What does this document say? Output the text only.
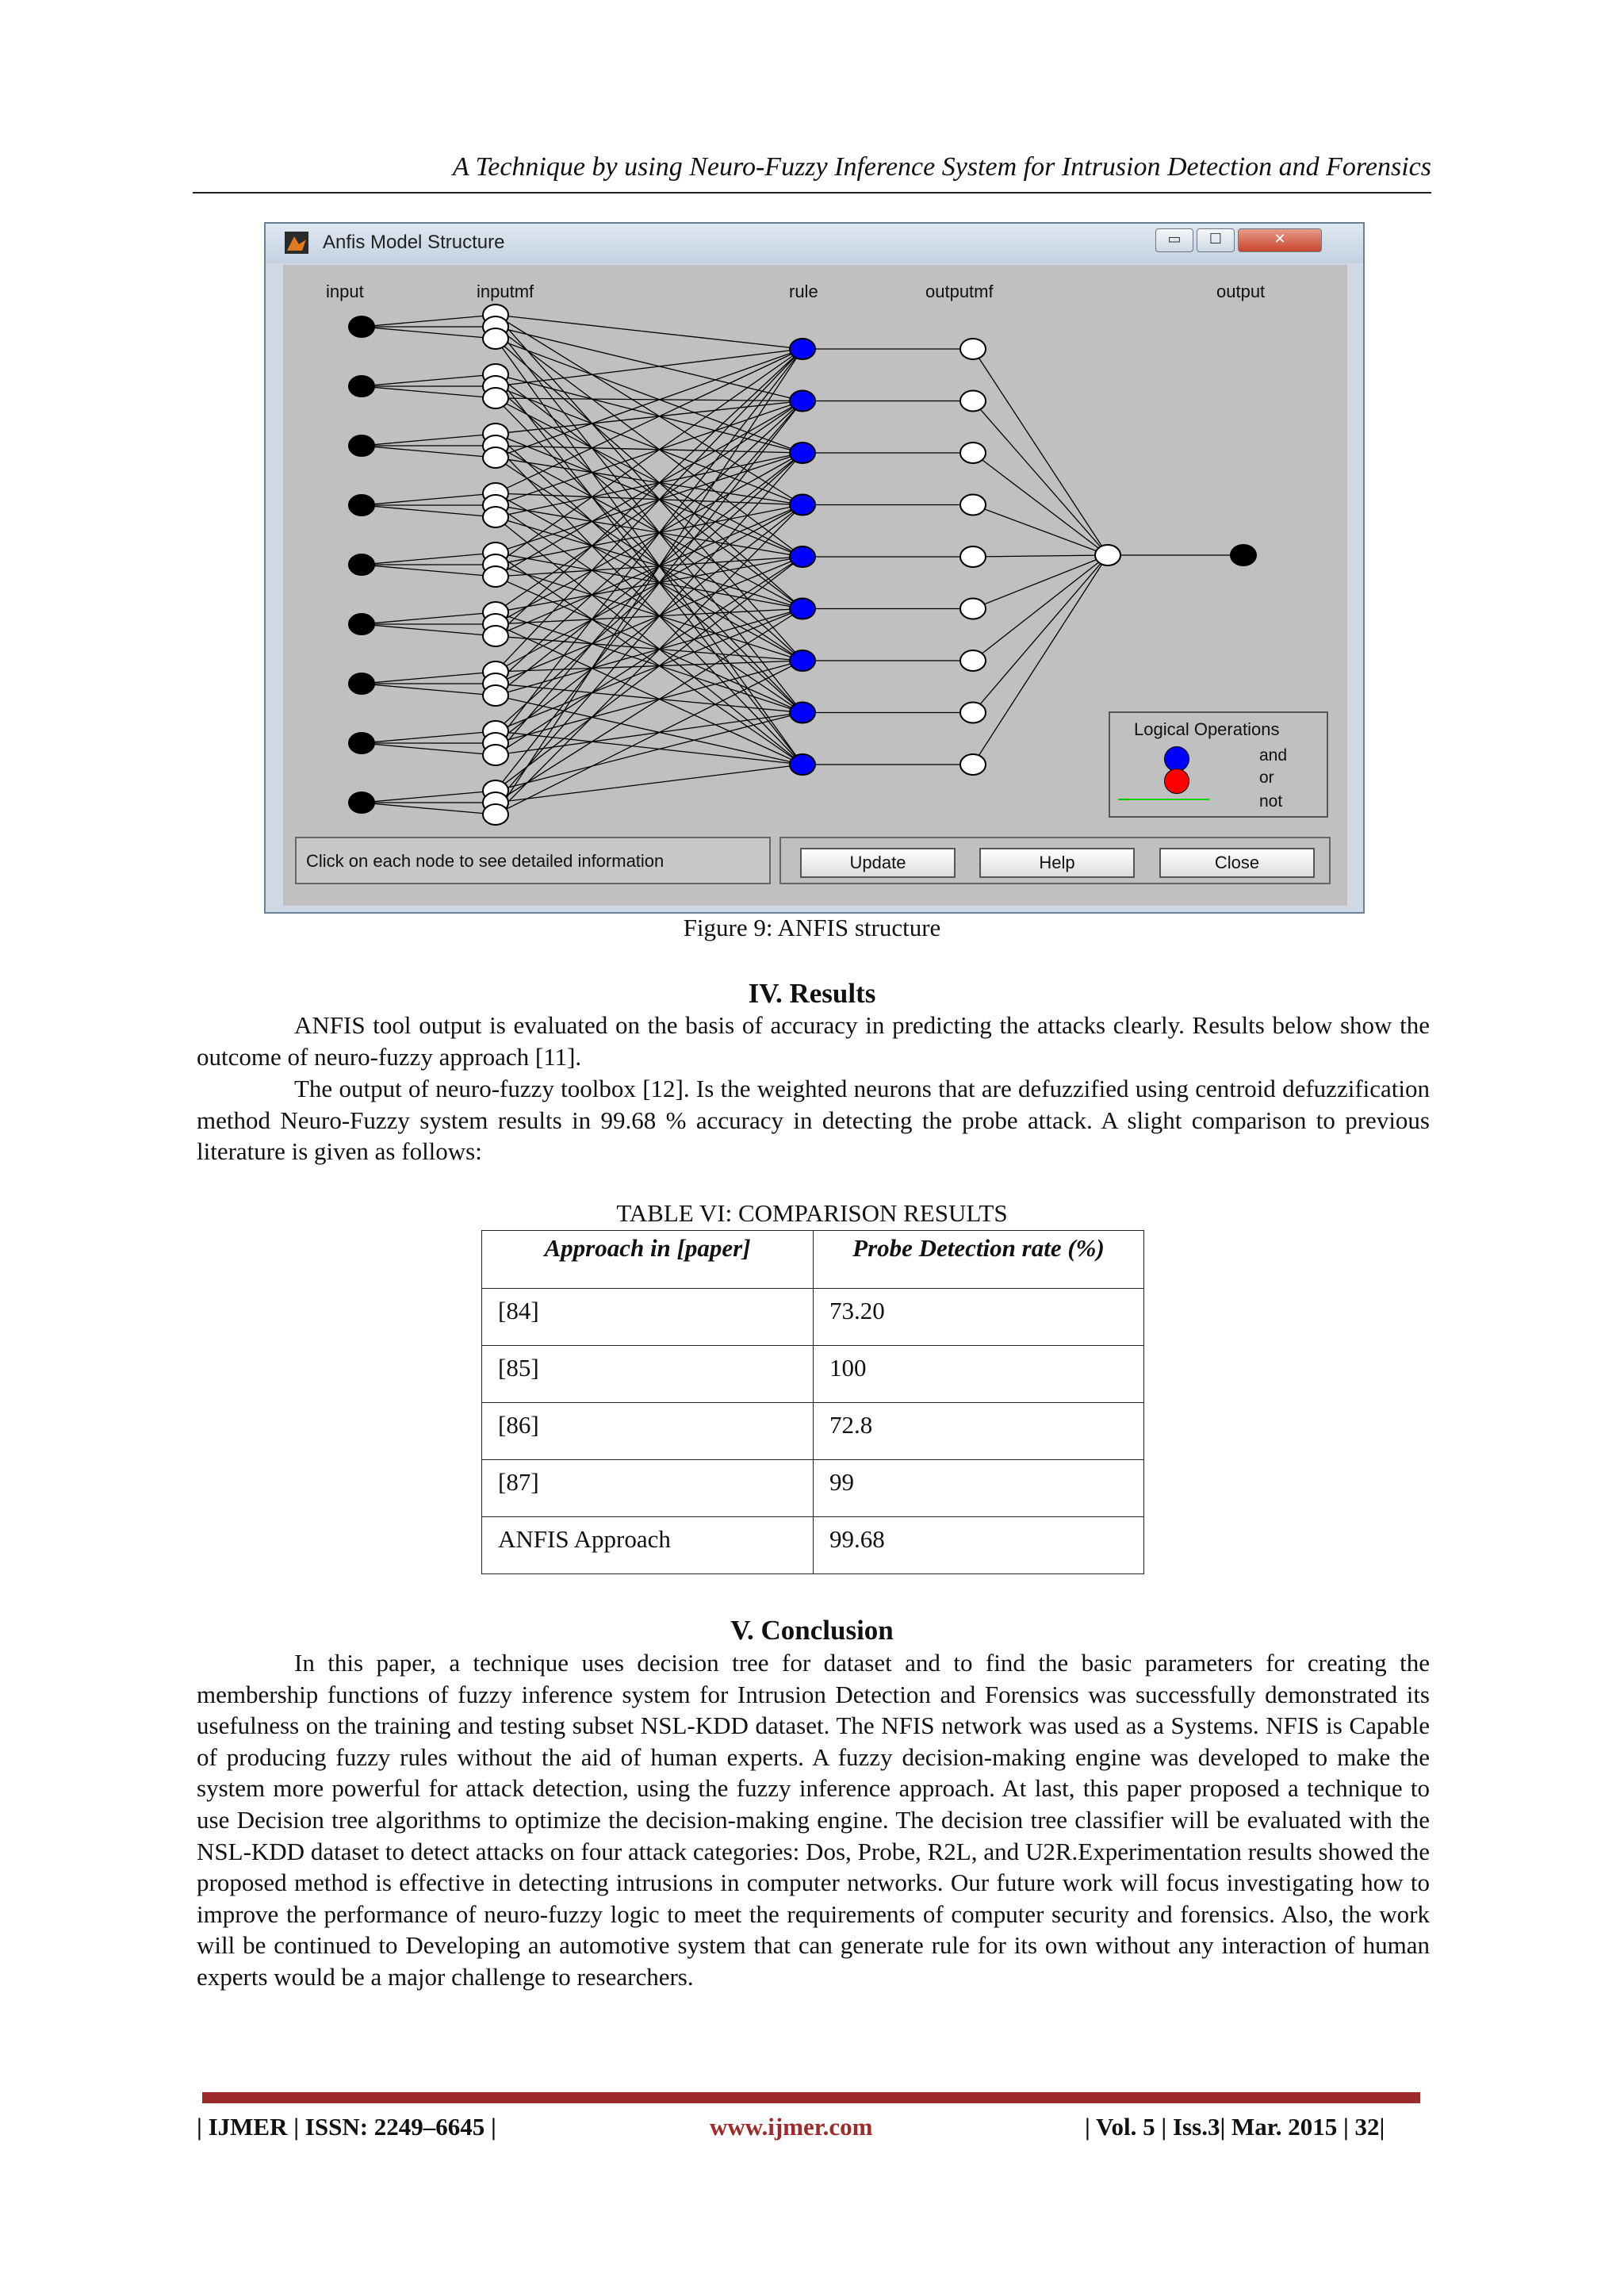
A Technique by using Neuro-Fuzzy Inference System for Intrusion Detection and Forensics
Anfis Model Structure	▭	☐	✕
input	inputmf	rule	outputmf	output
Logical Operations
and
or
not
Click on each node to see detailed information	Update	Help	Close
Figure 9: ANFIS structure
IV. Results
ANFIS tool output is evaluated on the basis of accuracy in predicting the attacks clearly. Results below show the outcome of neuro-fuzzy approach [11].
The output of neuro-fuzzy toolbox [12]. Is the weighted neurons that are defuzzified using centroid defuzzification method Neuro-Fuzzy system results in 99.68 % accuracy in detecting the probe attack. A slight comparison to previous literature is given as follows:
TABLE VI: COMPARISON RESULTS
Approach in [paper]	Probe Detection rate (%)
[84]	73.20
[85]	100
[86]	72.8
[87]	99
ANFIS Approach	99.68
V. Conclusion
In this paper, a technique uses decision tree for dataset and to find the basic parameters for creating the membership functions of fuzzy inference system for Intrusion Detection and Forensics was successfully demonstrated its usefulness on the training and testing subset NSL-KDD dataset. The NFIS network was used as a Systems. NFIS is Capable of producing fuzzy rules without the aid of human experts. A fuzzy decision-making engine was developed to make the system more powerful for attack detection, using the fuzzy inference approach. At last, this paper proposed a technique to use Decision tree algorithms to optimize the decision-making engine. The decision tree classifier will be evaluated with the NSL-KDD dataset to detect attacks on four attack categories: Dos, Probe, R2L, and U2R.Experimentation results showed the proposed method is effective in detecting intrusions in computer networks. Our future work will focus investigating how to improve the performance of neuro-fuzzy logic to meet the requirements of computer security and forensics. Also, the work will be continued to Developing an automotive system that can generate rule for its own without any interaction of human experts would be a major challenge to researchers.
| IJMER | ISSN: 2249–6645 |	www.ijmer.com	| Vol. 5 | Iss.3| Mar. 2015 | 32|
